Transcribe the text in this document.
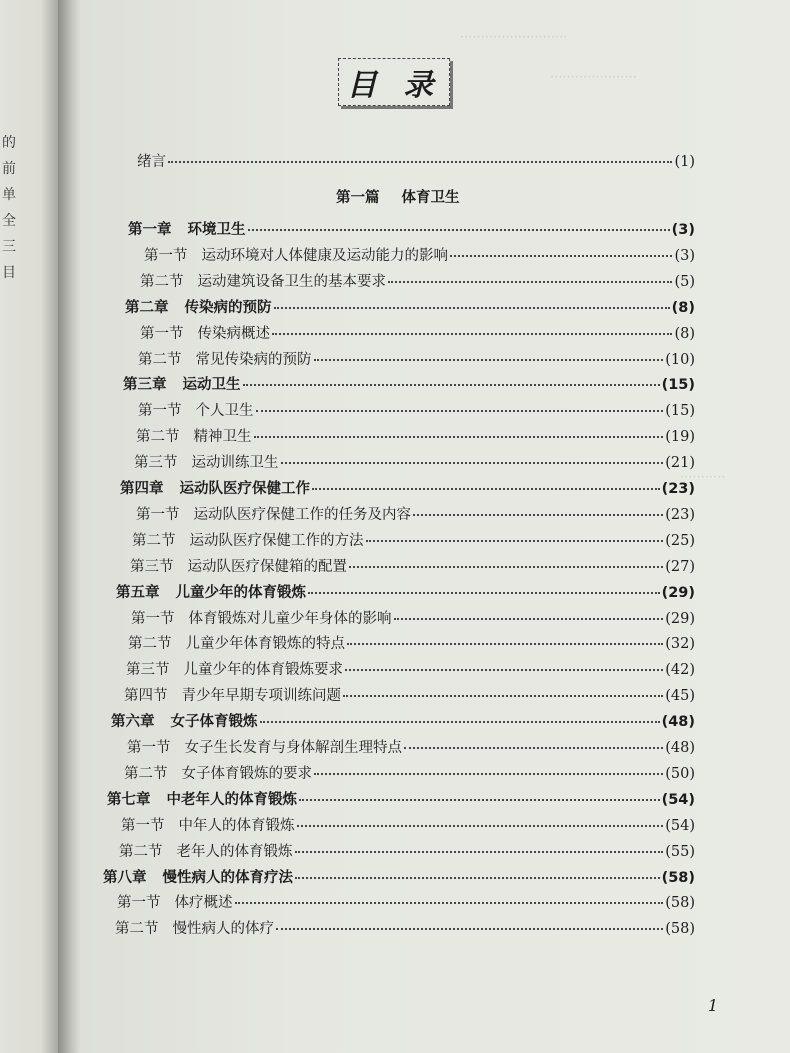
的
前
单
全
三
目
··························
·····················
···········
目 录
绪言	(1)
第一篇 体育卫生
第一章 环境卫生	(3)
第一节 运动环境对人体健康及运动能力的影响	(3)
第二节 运动建筑设备卫生的基本要求	(5)
第二章 传染病的预防	(8)
第一节 传染病概述	(8)
第二节 常见传染病的预防	(10)
第三章 运动卫生	(15)
第一节 个人卫生	(15)
第二节 精神卫生	(19)
第三节 运动训练卫生	(21)
第四章 运动队医疗保健工作	(23)
第一节 运动队医疗保健工作的任务及内容	(23)
第二节 运动队医疗保健工作的方法	(25)
第三节 运动队医疗保健箱的配置	(27)
第五章 儿童少年的体育锻炼	(29)
第一节 体育锻炼对儿童少年身体的影响	(29)
第二节 儿童少年体育锻炼的特点	(32)
第三节 儿童少年的体育锻炼要求	(42)
第四节 青少年早期专项训练问题	(45)
第六章 女子体育锻炼	(48)
第一节 女子生长发育与身体解剖生理特点	(48)
第二节 女子体育锻炼的要求	(50)
第七章 中老年人的体育锻炼	(54)
第一节 中年人的体育锻炼	(54)
第二节 老年人的体育锻炼	(55)
第八章 慢性病人的体育疗法	(58)
第一节 体疗概述	(58)
第二节 慢性病人的体疗	(58)
1
